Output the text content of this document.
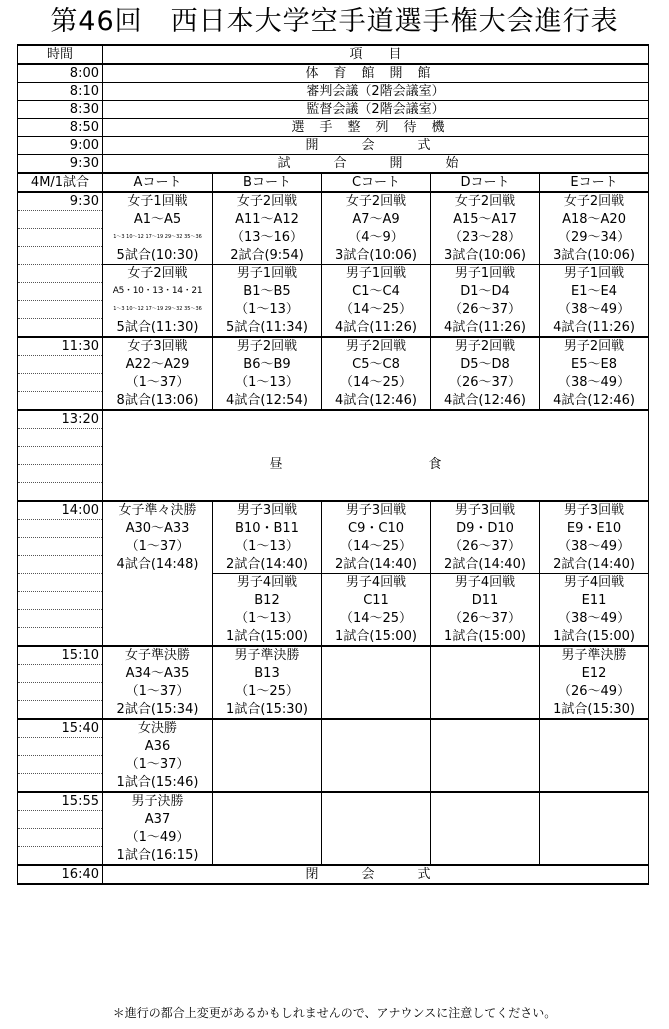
第46回　西日本大学空手道選手権大会進行表
時間	項　　目				
8:00	体育館開館				
8:10	審判会議（2階会議室）				
8:30	監督会議（2階会議室）				
8:50	選手整列待機				
9:00	開　会　式				
9:30	試　合　開　始				
4M/1試合	Aコート	Bコート	Cコート	Dコート	Eコート
9:30	女子1回戦	女子2回戦	女子2回戦	女子2回戦	女子2回戦
	A1～A5	A11～A12	A7～A9	A15～A17	A18～A20
	1～3 10～12 17～19 29～32 35～36	（13～16）	（4～9）	（23～28）	（29～34）
	5試合(10:30)	2試合(9:54)	3試合(10:06)	3試合(10:06)	3試合(10:06)
	女子2回戦	男子1回戦	男子1回戦	男子1回戦	男子1回戦
	A5・10・13・14・21	B1～B5	C1～C4	D1～D4	E1～E4
	1～3 10～12 17～19 29～32 35～36	（1～13）	（14～25）	（26～37）	（38～49）
	5試合(11:30)	5試合(11:34)	4試合(11:26)	4試合(11:26)	4試合(11:26)
11:30	女子3回戦	男子2回戦	男子2回戦	男子2回戦	男子2回戦
	A22～A29	B6～B9	C5～C8	D5～D8	E5～E8
	（1～37）	（1～13）	（14～25）	（26～37）	（38～49）
	8試合(13:06)	4試合(12:54)	4試合(12:46)	4試合(12:46)	4試合(12:46)
13:20					

	昼　　食				

14:00	女子準々決勝	男子3回戦	男子3回戦	男子3回戦	男子3回戦
	A30～A33	B10・B11	C9・C10	D9・D10	E9・E10
	（1～37）	（1～13）	（14～25）	（26～37）	（38～49）
	4試合(14:48)	2試合(14:40)	2試合(14:40)	2試合(14:40)	2試合(14:40)
		男子4回戦	男子4回戦	男子4回戦	男子4回戦
		B12	C11	D11	E11
		（1～13）	（14～25）	（26～37）	（38～49）
		1試合(15:00)	1試合(15:00)	1試合(15:00)	1試合(15:00)
15:10	女子準決勝	男子準決勝			男子準決勝
	A34～A35	B13			E12
	（1～37）	（1～25）			（26～49）
	2試合(15:34)	1試合(15:30)			1試合(15:30)
15:40	女決勝				
	A36				
	（1～37）				
	1試合(15:46)				
15:55	男子決勝				
	A37				
	（1～49）				
	1試合(16:15)				
16:40	閉　会　式				
＊進行の都合上変更があるかもしれませんので、アナウンスに注意してください。
